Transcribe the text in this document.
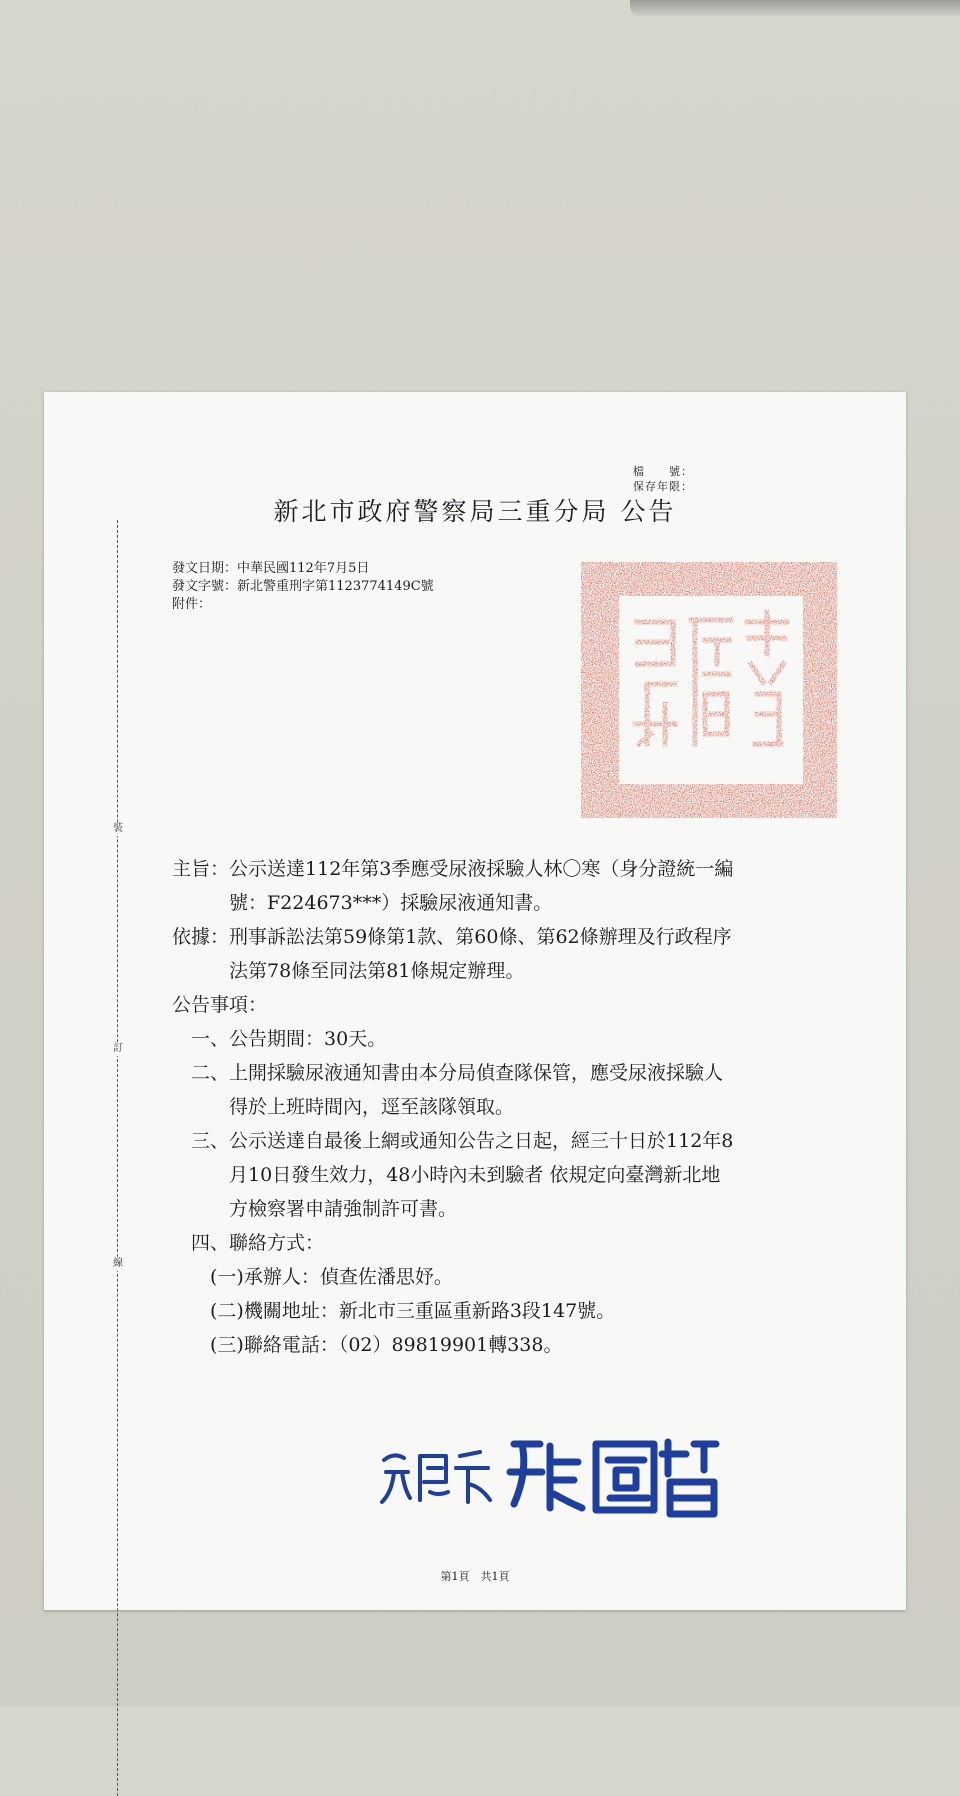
裝
訂
線
檔　　號：
保存年限：
新北市政府警察局三重分局 公告
發文日期： 中華民國112年7月5日
發文字號： 新北警重刑字第1123774149C號
附件：
主旨： 公示送達112年第3季應受尿液採驗人林〇寒（身分證統一編
號：F224673***）採驗尿液通知書。
依據： 刑事訴訟法第59條第1款、第60條、第62條辦理及行政程序
法第78條至同法第81條規定辦理。
公告事項：
一、 公告期間：30天。
二、 上開採驗尿液通知書由本分局偵查隊保管，應受尿液採驗人
得於上班時間內，逕至該隊領取。
三、 公示送達自最後上網或通知公告之日起，經三十日於112年8
月10日發生效力，48小時內未到驗者 依規定向臺灣新北地
方檢察署申請強制許可書。
四、 聯絡方式：
(一) 承辦人：偵查佐潘思妤。
(二) 機關地址：新北市三重區重新路3段147號。
(三) 聯絡電話：（02）89819901轉338。
第1頁　共1頁
